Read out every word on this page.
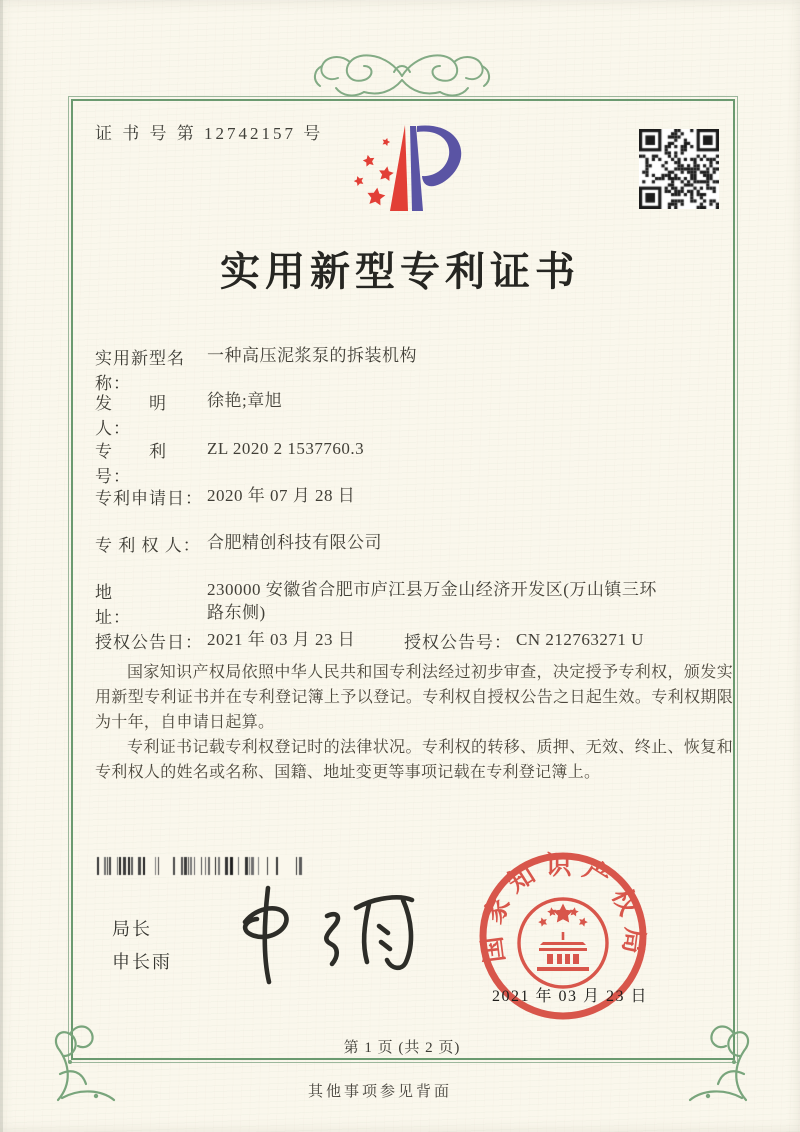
证 书 号 第 12742157 号
实用新型专利证书
实用新型名称：一种高压泥浆泵的拆装机构
发　　明　　人：徐艳;章旭
专　　利　　号：ZL 2020 2 1537760.3
专利申请日： 2020 年 07 月 28 日
专 利 权 人： 合肥精创科技有限公司
地　　　　址：230000 安徽省合肥市庐江县万金山经济开发区(万山镇三环路东侧)
授权公告日： 2021 年 03 月 23 日	授权公告号： CN 212763271 U

国家知识产权局依照中华人民共和国专利法经过初步审查，决定授予专利权，颁发实用新型专利证书并在专利登记簿上予以登记。专利权自授权公告之日起生效。专利权期限为十年，自申请日起算。

专利证书记载专利权登记时的法律状况。专利权的转移、质押、无效、终止、恢复和专利权人的姓名或名称、国籍、地址变更等事项记载在专利登记簿上。

局长
申长雨	国家知识产权局
2021 年 03 月 23 日
第 1 页 (共 2 页)
其他事项参见背面
